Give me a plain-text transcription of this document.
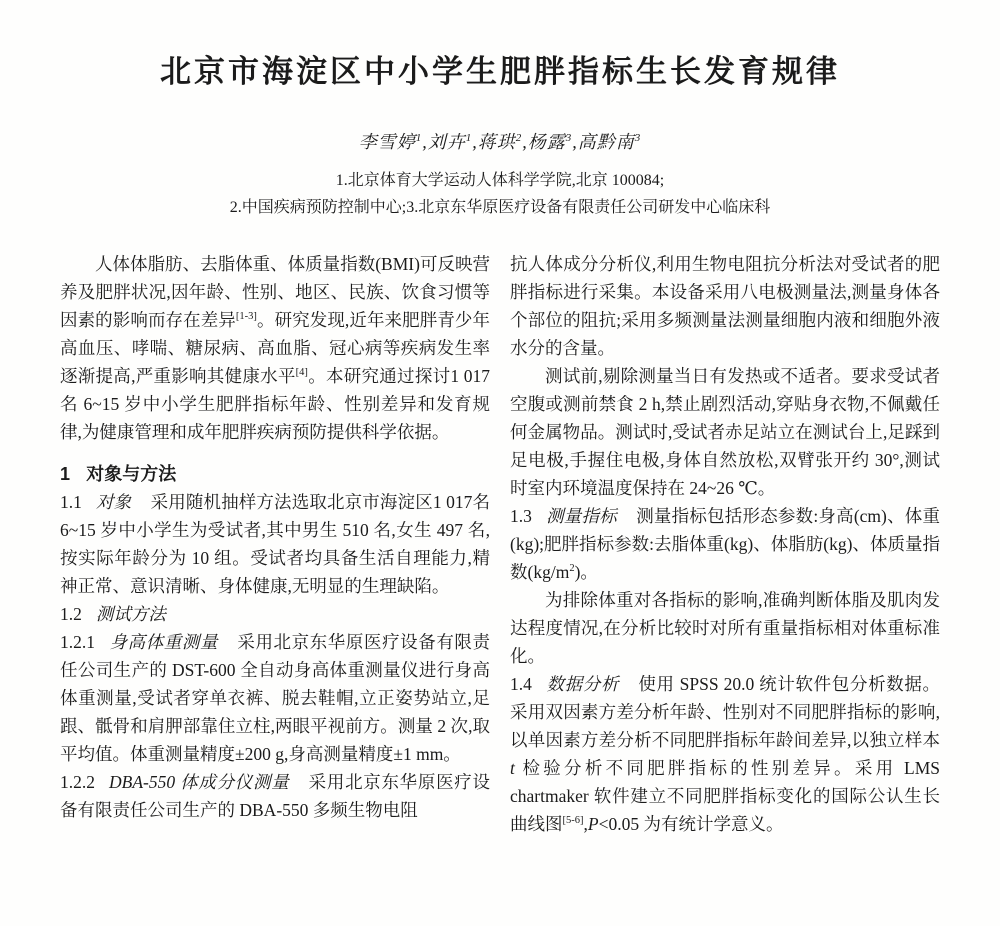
北京市海淀区中小学生肥胖指标生长发育规律
李雪婷$^1$,刘卉$^1$,蒋珙$^2$,杨露$^3$,高黔南$^3$
1.北京体育大学运动人体科学学院,北京 100084;
2.中国疾病预防控制中心;3.北京东华原医疗设备有限责任公司研发中心临床科

人体体脂肪、去脂体重、体质量指数(BMI)可反映营养及肥胖状况,因年龄、性别、地区、民族、饮食习惯等因素的影响而存在差异[1-3]。研究发现,近年来肥胖青少年高血压、哮喘、糖尿病、高血脂、冠心病等疾病发生率逐渐提高,严重影响其健康水平[4]。本研究通过探讨1 017 名 6~15 岁中小学生肥胖指标年龄、性别差异和发育规律,为健康管理和成年肥胖疾病预防提供科学依据。

1 对象与方法

1.1 对象 采用随机抽样方法选取北京市海淀区1 017名6~15 岁中小学生为受试者,其中男生 510 名,女生 497 名,按实际年龄分为 10 组。受试者均具备生活自理能力,精神正常、意识清晰、身体健康,无明显的生理缺陷。

1.2 测试方法

1.2.1 身高体重测量 采用北京东华原医疗设备有限责任公司生产的 DST-600 全自动身高体重测量仪进行身高体重测量,受试者穿单衣裤、脱去鞋帽,立正姿势站立,足跟、骶骨和肩胛部靠住立柱,两眼平视前方。测量 2 次,取平均值。体重测量精度±200 g,身高测量精度±1 mm。

1.2.2 DBA-550 体成分仪测量 采用北京东华原医疗设备有限责任公司生产的 DBA-550 多频生物电阻

抗人体成分分析仪,利用生物电阻抗分析法对受试者的肥胖指标进行采集。本设备采用八电极测量法,测量身体各个部位的阻抗;采用多频测量法测量细胞内液和细胞外液水分的含量。

测试前,剔除测量当日有发热或不适者。要求受试者空腹或测前禁食 2 h,禁止剧烈活动,穿贴身衣物,不佩戴任何金属物品。测试时,受试者赤足站立在测试台上,足踩到足电极,手握住电极,身体自然放松,双臂张开约 30°,测试时室内环境温度保持在 24~26 ℃。

1.3 测量指标 测量指标包括形态参数:身高(cm)、体重(kg);肥胖指标参数:去脂体重(kg)、体脂肪(kg)、体质量指数$(kg/m^2)$。

为排除体重对各指标的影响,准确判断体脂及肌肉发达程度情况,在分析比较时对所有重量指标相对体重标准化。

1.4 数据分析 使用 SPSS 20.0 统计软件包分析数据。采用双因素方差分析年龄、性别对不同肥胖指标的影响,以单因素方差分析不同肥胖指标年龄间差异,以独立样本 t 检验分析不同肥胖指标的性别差异。采用 LMS chartmaker 软件建立不同肥胖指标变化的国际公认生长曲线图[5-6],P<0.05 为有统计学意义。
